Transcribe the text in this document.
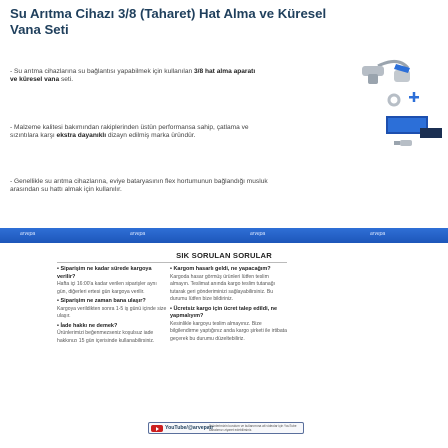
Su Arıtma Cihazı 3/8 (Taharet) Hat Alma ve Küresel Vana Seti
- Su arıtma cihazlarına su bağlantısı yapabilmek için kullanılan 3/8 hat alma aparatı ve küresel vana seti.
- Malzeme kalitesi bakımından rakiplerinden üstün performansa sahip, çatlama ve sızıntılara karşı ekstra dayanıklı dizayn edilmiş marka üründür.
- Genellikle su arıtma cihazlarına, eviye bataryasının flex hortumunun bağlandığı musluk arasından su hattı almak için kullanılır.
arvepa	arvepa	arvepa	arvepa
SIK SORULAN SORULAR

• Siparişim ne kadar sürede kargoya verilir?
Hafta içi 16:00'a kadar verilen siparişler aynı gün, diğerleri ertesi gün kargoya verilir.

• Siparişim ne zaman bana ulaşır?
Kargoya verildikten sonra 1-5 iş günü içinde size ulaşır.

• İade hakkı ne demek?
Ürünlerimizi beğenmezseniz koşulsuz iade hakkınızı 15 gün içerisinde kullanabilirsiniz.

• Kargom hasarlı geldi, ne yapacağım?
Kargoda hasar görmüş ürünleri lütfen teslim almayın. Teslimat anında kargo teslim tutanağı tutarak geri gönderiminizi sağlayabilirsiniz. Bu durumu lütfen bize bildiriniz.

• Ücretsiz kargo için ücret talep edildi, ne yapmalıyım?
Kesinlikle kargoyu teslim almayınız. Bize bilgilendirme yaptığınız anda kargo şirketi ile irtibata geçerek bu durumu düzeltebiliriz.

YouTube/@arvepatr
Ürünlerimizin kurulum ve kullanımına ait videolar için YouTube kanalımızı ziyaret edebilirsiniz.
